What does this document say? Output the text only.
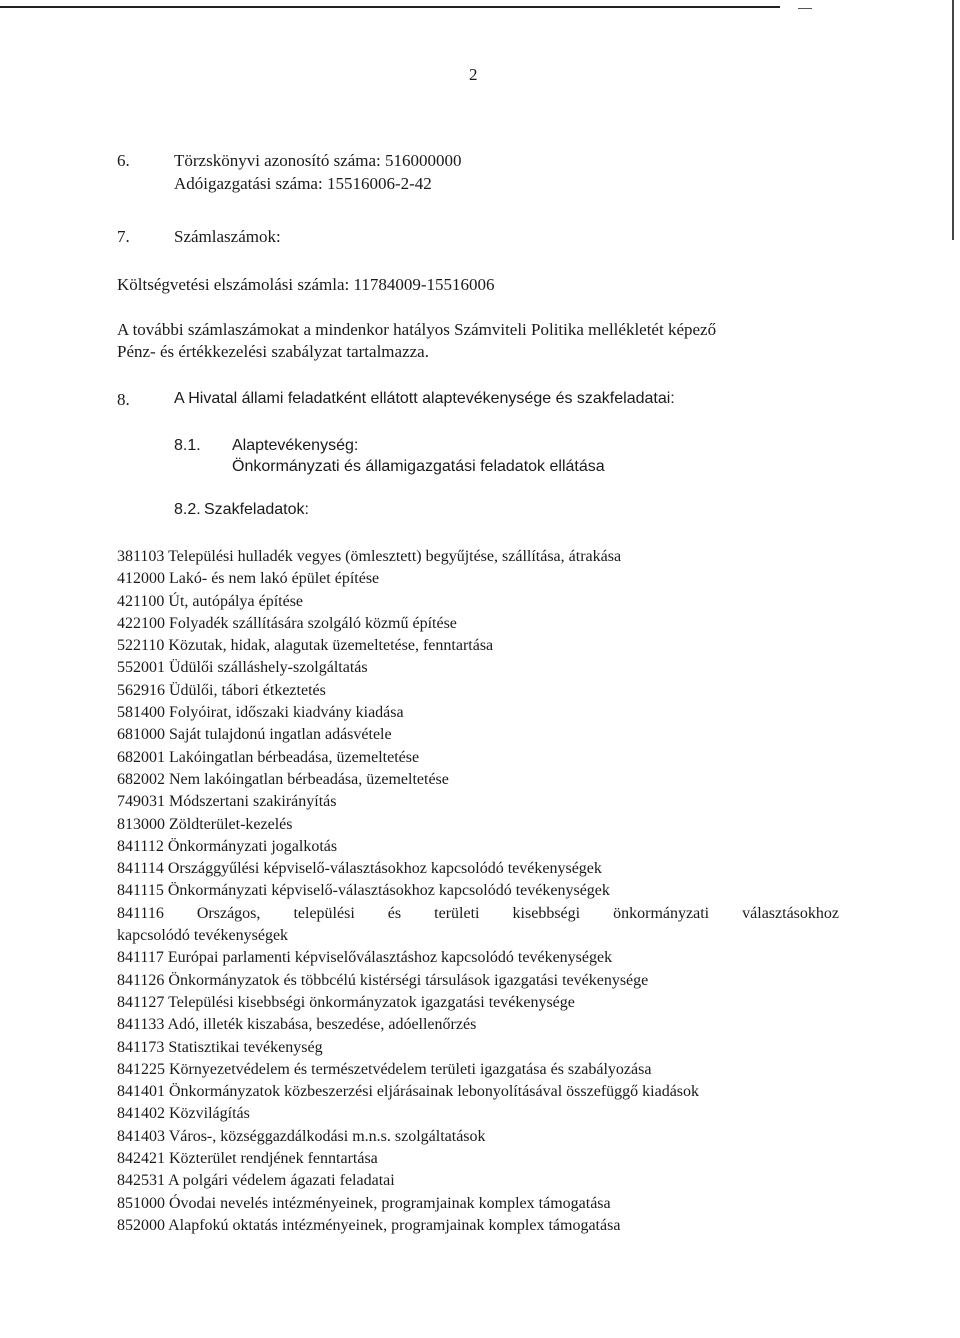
2
6.	Törzskönyvi azonosító száma: 516000000
Adóigazgatási száma: 15516006-2-42
7.	Számlaszámok:
Költségvetési elszámolási számla: 11784009-15516006
A további számlaszámokat a mindenkor hatályos Számviteli Politika mellékletét képező
Pénz- és értékkezelési szabályzat tartalmazza.
8.	A Hivatal állami feladatként ellátott alaptevékenysége és szakfeladatai:
8.1. Alaptevékenység:
Önkormányzati és államigazgatási feladatok ellátása
8.2. Szakfeladatok:
381103 Települési hulladék vegyes (ömlesztett) begyűjtése, szállítása, átrakása
412000 Lakó- és nem lakó épület építése
421100 Út, autópálya építése
422100 Folyadék szállítására szolgáló közmű építése
522110 Közutak, hidak, alagutak üzemeltetése, fenntartása
552001 Üdülői szálláshely-szolgáltatás
562916 Üdülői, tábori étkeztetés
581400 Folyóirat, időszaki kiadvány kiadása
681000 Saját tulajdonú ingatlan adásvétele
682001 Lakóingatlan bérbeadása, üzemeltetése
682002 Nem lakóingatlan bérbeadása, üzemeltetése
749031 Módszertani szakirányítás
813000 Zöldterület-kezelés
841112 Önkormányzati jogalkotás
841114 Országgyűlési képviselő-választásokhoz kapcsolódó tevékenységek
841115 Önkormányzati képviselő-választásokhoz kapcsolódó tevékenységek
841116 Országos, települési és területi kisebbségi önkormányzati választásokhoz
kapcsolódó tevékenységek
841117 Európai parlamenti képviselőválasztáshoz kapcsolódó tevékenységek
841126 Önkormányzatok és többcélú kistérségi társulások igazgatási tevékenysége
841127 Települési kisebbségi önkormányzatok igazgatási tevékenysége
841133 Adó, illeték kiszabása, beszedése, adóellenőrzés
841173 Statisztikai tevékenység
841225 Környezetvédelem és természetvédelem területi igazgatása és szabályozása
841401 Önkormányzatok közbeszerzési eljárásainak lebonyolításával összefüggő kiadások
841402 Közvilágítás
841403 Város-, községgazdálkodási m.n.s. szolgáltatások
842421 Közterület rendjének fenntartása
842531 A polgári védelem ágazati feladatai
851000 Óvodai nevelés intézményeinek, programjainak komplex támogatása
852000 Alapfokú oktatás intézményeinek, programjainak komplex támogatása
